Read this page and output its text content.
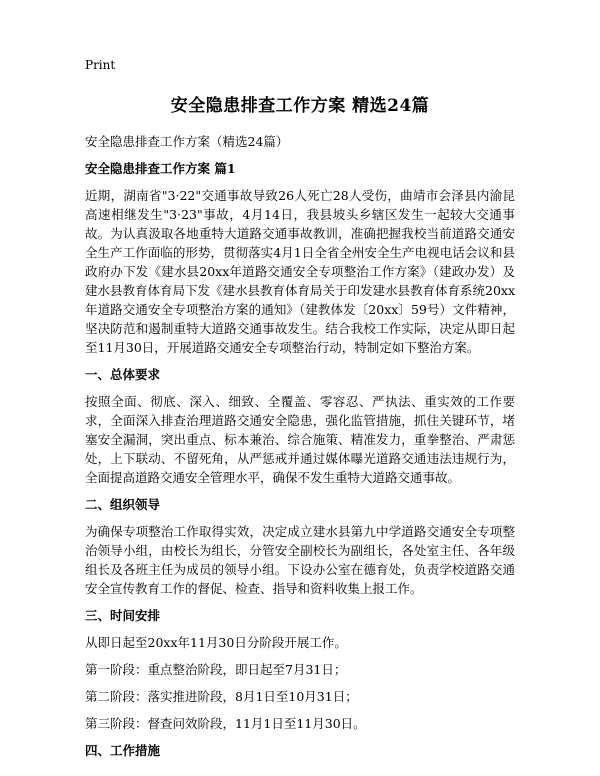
Print
安全隐患排查工作方案 精选24篇
安全隐患排查工作方案（精选24篇）
安全隐患排查工作方案 篇1
近期，湖南省"3·22"交通事故导致26人死亡28人受伤，曲靖市会泽县内渝昆高速相继发生"3·23"事故，4月14日，我县坡头乡辖区发生一起较大交通事故。为认真汲取各地重特大道路交通事故教训，准确把握我校当前道路交通安全生产工作面临的形势，贯彻落实4月1日全省全州安全生产电视电话会议和县政府办下发《建水县20xx年道路交通安全专项整治工作方案》（建政办发）及建水县教育体育局下发《建水县教育体育局关于印发建水县教育体育系统20xx年道路交通安全专项整治方案的通知》（建教体发〔20xx〕59号）文件精神，坚决防范和遏制重特大道路交通事故发生。结合我校工作实际，决定从即日起至11月30日，开展道路交通安全专项整治行动，特制定如下整治方案。
一、总体要求
按照全面、彻底、深入、细致、全覆盖、零容忍、严执法、重实效的工作要求，全面深入排查治理道路交通安全隐患，强化监管措施，抓住关键环节，堵塞安全漏洞，突出重点、标本兼治、综合施策、精准发力，重拳整治、严肃惩处，上下联动、不留死角，从严惩戒并通过媒体曝光道路交通违法违规行为，全面提高道路交通安全管理水平，确保不发生重特大道路交通事故。
二、组织领导
为确保专项整治工作取得实效，决定成立建水县第九中学道路交通安全专项整治领导小组，由校长为组长，分管安全副校长为副组长，各处室主任、各年级组长及各班主任为成员的领导小组。下设办公室在德育处，负责学校道路交通安全宣传教育工作的督促、检查、指导和资料收集上报工作。
三、时间安排
从即日起至20xx年11月30日分阶段开展工作。
第一阶段：重点整治阶段，即日起至7月31日；
第二阶段：落实推进阶段，8月1日至10月31日；
第三阶段：督查问效阶段，11月1日至11月30日。
四、工作措施
